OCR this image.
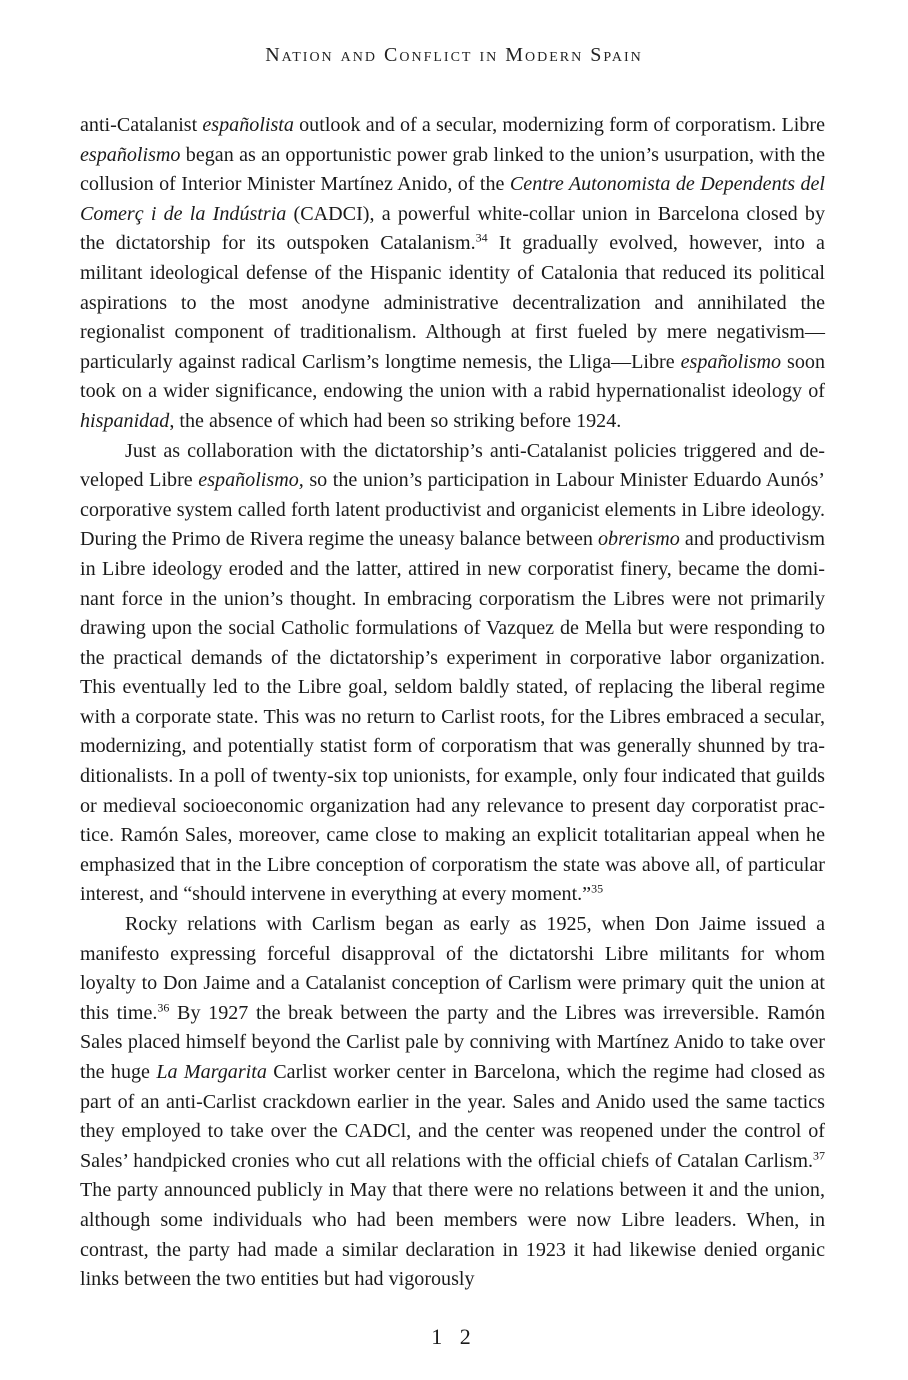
Nation and Conflict in Modern Spain

anti-Catalanist españolista outlook and of a secular, modernizing form of corporatism. Libre españolismo began as an opportunistic power grab linked to the union’s usurpation, with the collusion of Interior Minister Martínez Anido, of the Centre Autonomista de Dependents del Comerç i de la Indústria (CADCI), a powerful white-collar union in Barcelona closed by the dictatorship for its outspoken Catalanism.$^{34}$ It gradually evolved, however, into a militant ideological defense of the Hispanic identity of Catalonia that reduced its political aspirations to the most anodyne administrative decentralization and annihilated the regionalist component of traditionalism. Although at first fueled by mere negativism—particularly against radical Carlism’s longtime nemesis, the Lliga—Libre españolismo soon took on a wider significance, endowing the union with a rabid hypernationalist ideology of hispanidad, the absence of which had been so striking before 1924.

Just as collaboration with the dictatorship’s anti-Catalanist policies triggered and developed Libre españolismo, so the union’s participation in Labour Minister Eduardo Aunós’ corporative system called forth latent productivist and organicist elements in Libre ideology. During the Primo de Rivera regime the uneasy balance between obrerismo and productivism in Libre ideology eroded and the latter, attired in new corporatist finery, became the dominant force in the union’s thought. In embracing corporatism the Libres were not primarily drawing upon the social Catholic formulations of Vazquez de Mella but were responding to the practical demands of the dictatorship’s experiment in corporative labor organization. This eventually led to the Libre goal, seldom baldly stated, of replacing the liberal regime with a corporate state. This was no return to Carlist roots, for the Libres embraced a secular, modernizing, and potentially statist form of corporatism that was generally shunned by traditionalists. In a poll of twenty-six top unionists, for example, only four indicated that guilds or medieval socioeconomic organization had any relevance to present day corporatist practice. Ramón Sales, moreover, came close to making an explicit totalitarian appeal when he emphasized that in the Libre conception of corporatism the state was above all, of particular interest, and “should intervene in everything at every moment.”$^{35}$

Rocky relations with Carlism began as early as 1925, when Don Jaime issued a manifesto expressing forceful disapproval of the dictatorshi Libre militants for whom loyalty to Don Jaime and a Catalanist conception of Carlism were primary quit the union at this time.$^{36}$ By 1927 the break between the party and the Libres was irreversible. Ramón Sales placed himself beyond the Carlist pale by conniving with Martínez Anido to take over the huge La Margarita Carlist worker center in Barcelona, which the regime had closed as part of an anti-Carlist crackdown earlier in the year. Sales and Anido used the same tactics they employed to take over the CADCl, and the center was reopened under the control of Sales’ handpicked cronies who cut all relations with the official chiefs of Catalan Carlism.$^{37}$ The party announced publicly in May that there were no relations between it and the union, although some individuals who had been members were now Libre leaders. When, in contrast, the party had made a similar declaration in 1923 it had likewise denied organic links between the two entities but had vigorously

1 2
